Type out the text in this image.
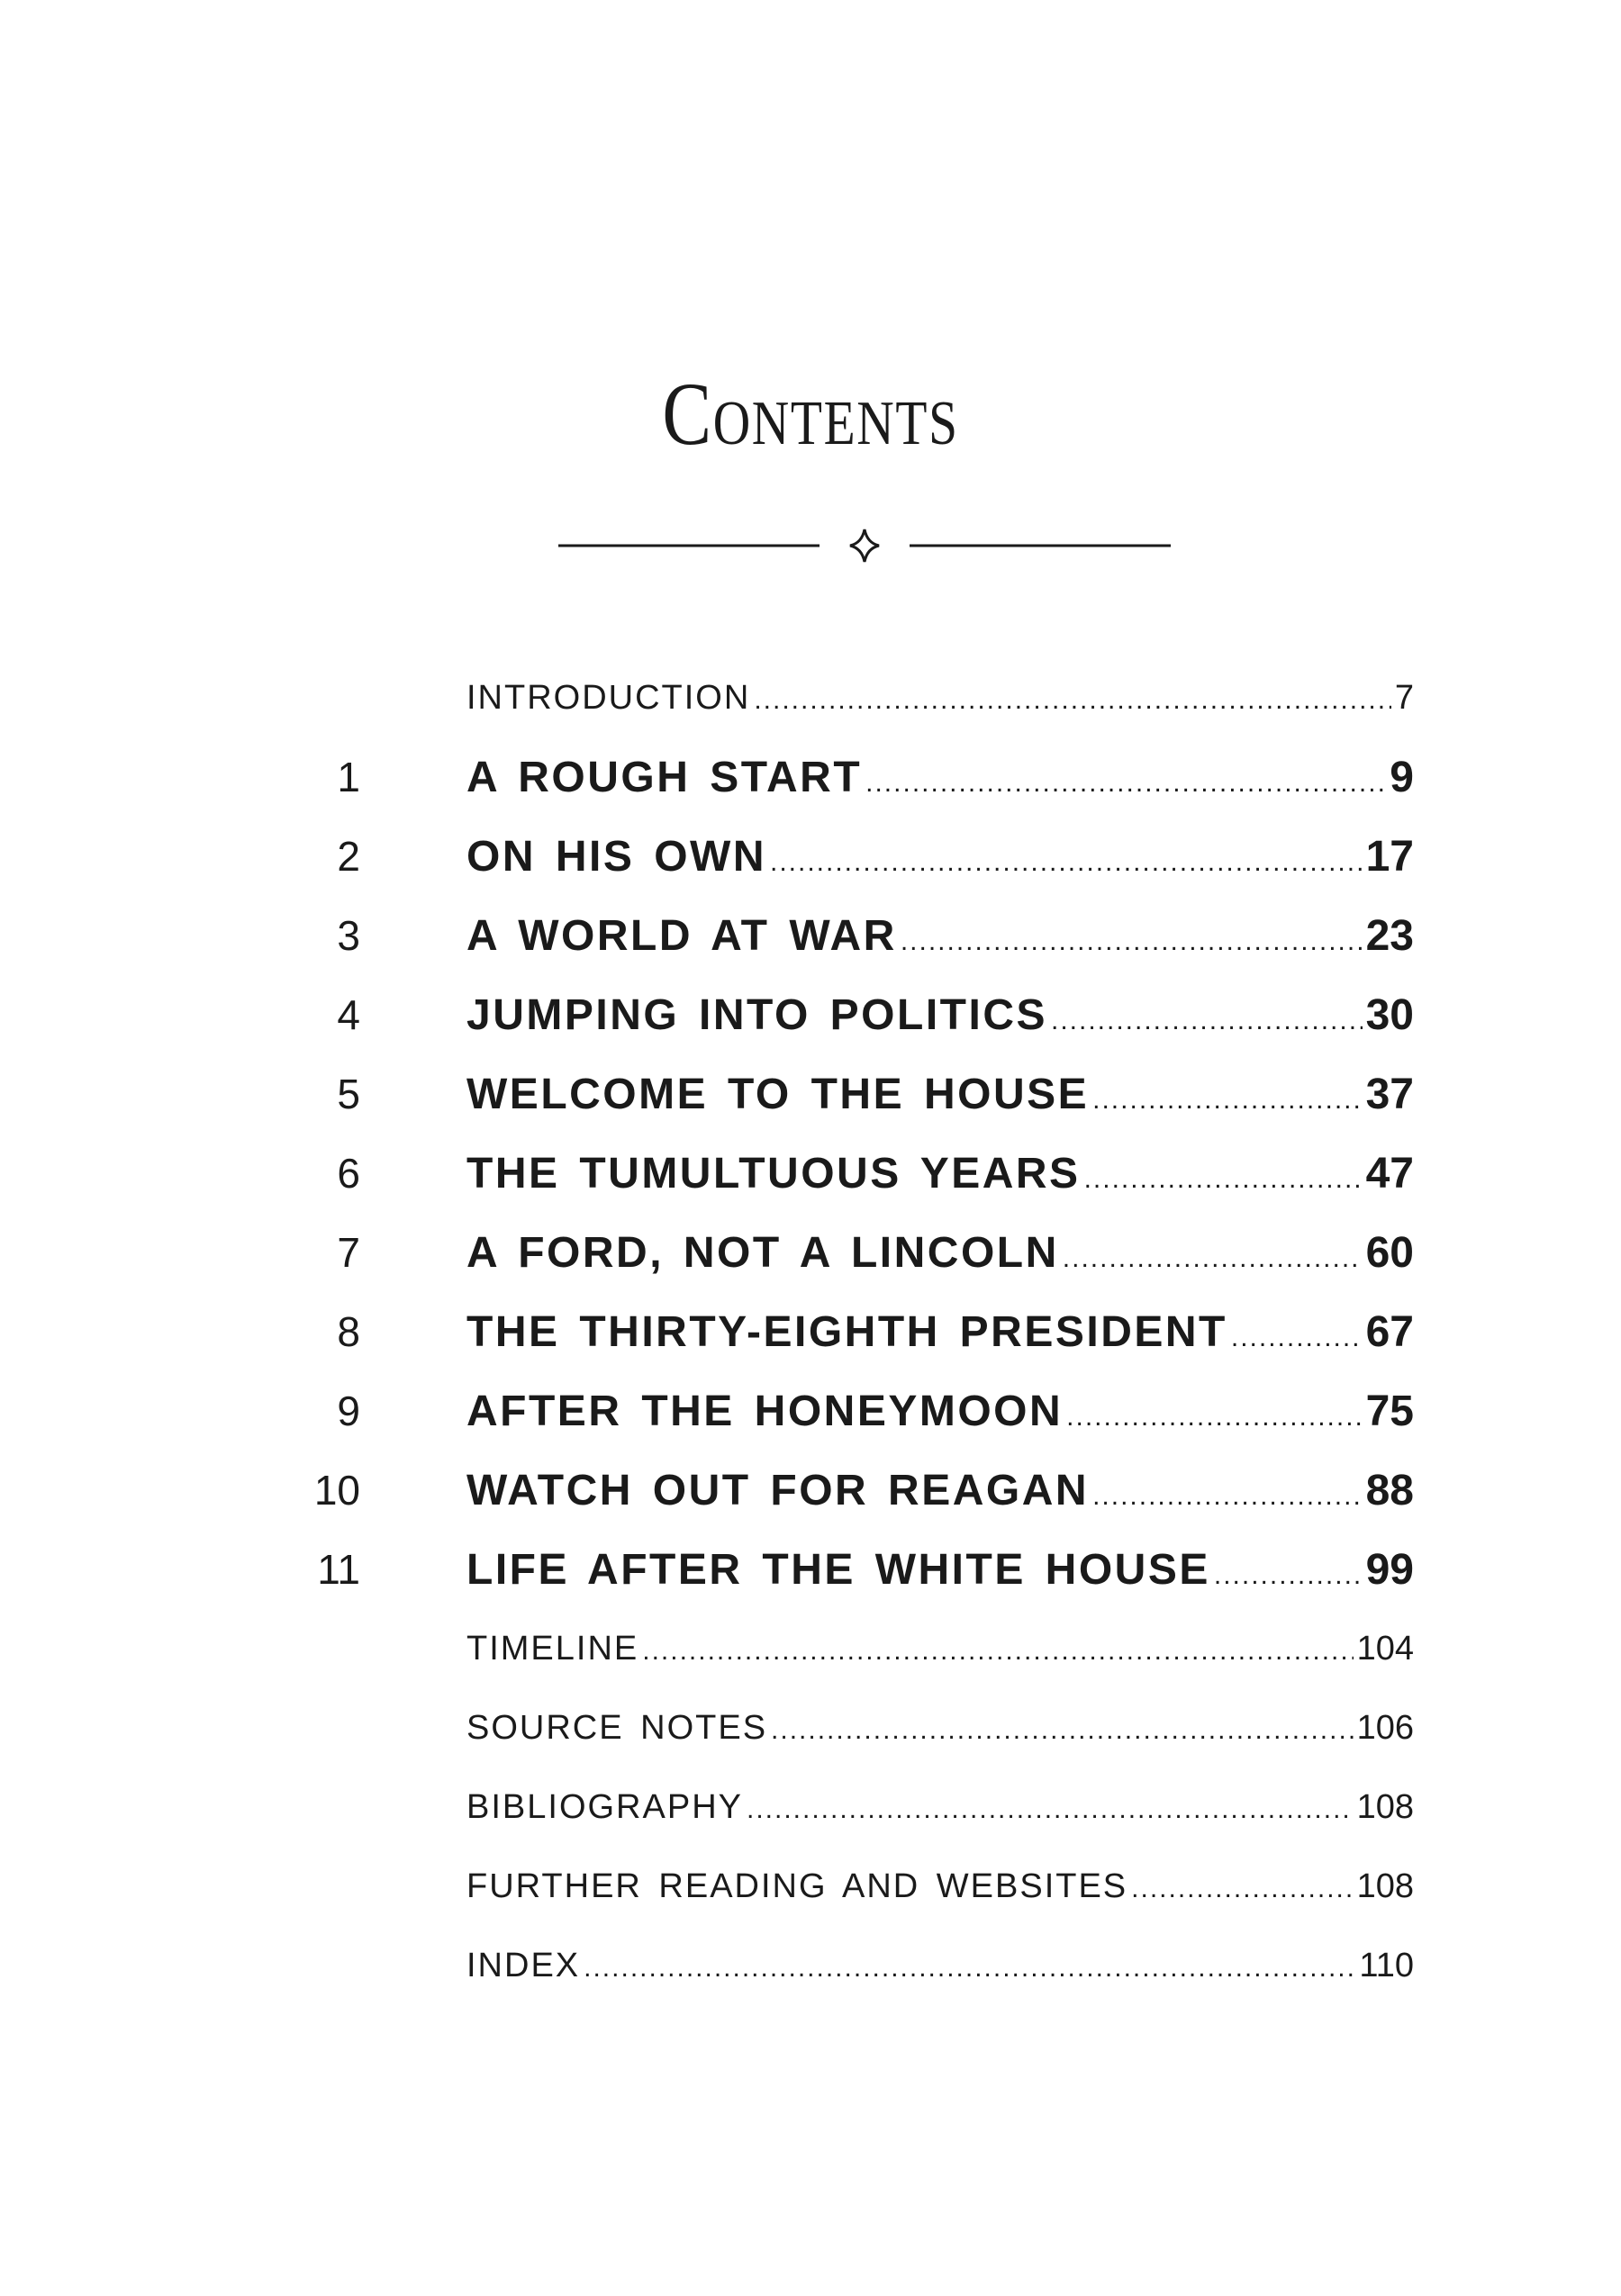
Contents
INTRODUCTION .....	7
1 A ROUGH START .....	9
2 ON HIS OWN .....	17
3 A WORLD AT WAR .....	23
4 JUMPING INTO POLITICS .....	30
5 WELCOME TO THE HOUSE .....	37
6 THE TUMULTUOUS YEARS .....	47
7 A FORD, NOT A LINCOLN .....	60
8 THE THIRTY-EIGHTH PRESIDENT .....	67
9 AFTER THE HONEYMOON .....	75
10 WATCH OUT FOR REAGAN .....	88
11 LIFE AFTER THE WHITE HOUSE .....	99
TIMELINE .....	104
SOURCE NOTES .....	106
BIBLIOGRAPHY .....	108
FURTHER READING AND WEBSITES .....	108
INDEX .....	110
